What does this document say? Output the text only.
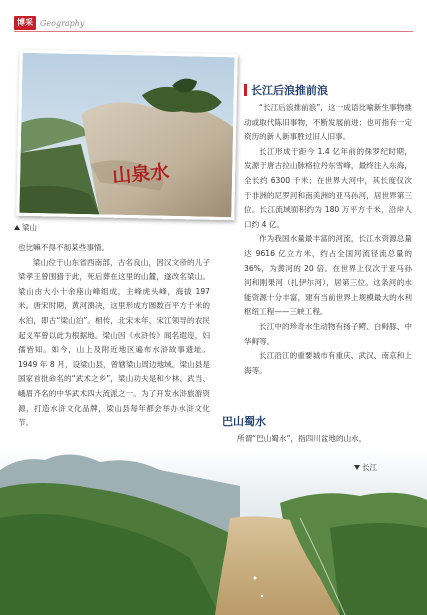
博采 Geography
山泉水
梁山

也比嘛不得不彻某些事情。

梁山位于山东省西南部，古名良山，因汉文帝的儿子梁孝王曾围猎于此，死后葬在这里的山麓，遂改名梁山。梁山由大小十余座山峰组成，主峰虎头峰，海拔 197 米。唐宋时期，黄河溃决，这里形成方圆数百平方千米的水泊，即古“梁山泊”。相传，北宋末年，宋江领导的农民起义军曾以此为根据地。梁山因《水浒传》闻名遐迩，妇孺皆知。如今，山上及附近地区遍布水浒故事遗址。1949 年 8 月，设梁山县，曾辖梁山周边地域。梁山县是国家首批命名的“武术之乡”，梁山功夫是和少林、武当、峨眉齐名的中华武术四大流派之一。为了开发水浒旅游资源，打造水浒文化品牌，梁山县每年都会举办水浒文化节。

长江后浪推前浪

“长江后浪推前浪”，这一成语比喻新生事物推动或取代陈旧事物，不断发展前进；也可指有一定资历的新人新事胜过旧人旧事。

长江形成于距今 1.4 亿年前的侏罗纪时期，发源于唐古拉山脉格拉丹东雪峰，最终注入东海，全长约 6300 千米；在世界大河中，其长度仅次于非洲的尼罗河和南美洲的亚马孙河，居世界第三位。长江流域面积约为 180 万平方千米，沿岸人口约 4 亿。

作为我国水量最丰富的河流，长江水资源总量达 9616 亿立方米，约占全国河流径流总量的 36%，为黄河的 20 倍。在世界上仅次于亚马孙河和刚果河（扎伊尔河），居第三位。这条河的水能资源十分丰富，建有当前世界上规模最大的水利枢纽工程——三峡工程。

长江中的珍奇水生动物有扬子鳄、白鲟豚、中华鲟等。

长江沿江的重要城市有重庆、武汉、南京和上海等。

巴山蜀水

所谓“巴山蜀水”，指四川盆地的山水，

长江
